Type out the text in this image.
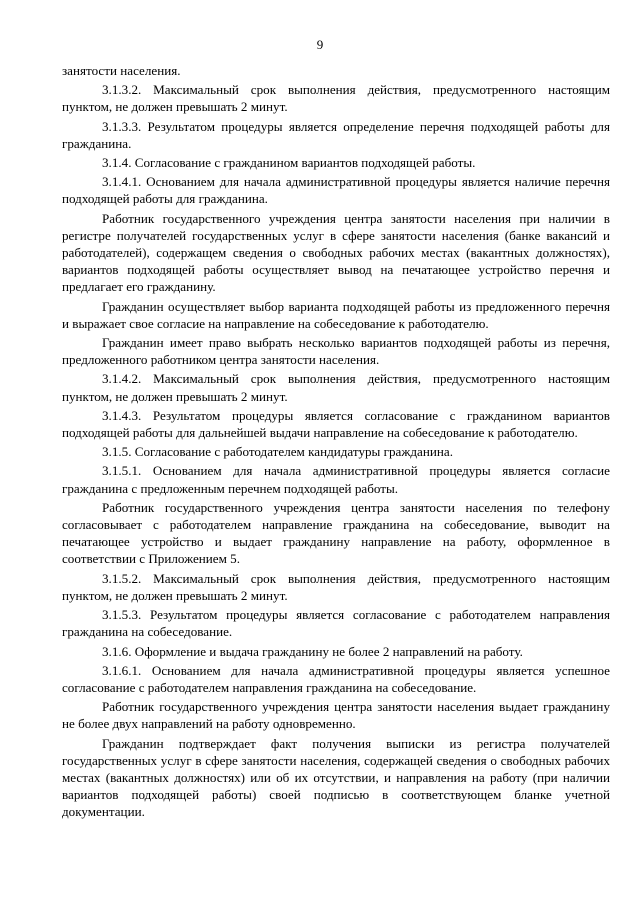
9

занятости населения.

3.1.3.2. Максимальный срок выполнения действия, предусмотренного настоящим пунктом, не должен превышать 2 минут.

3.1.3.3. Результатом процедуры является определение перечня подходящей работы для гражданина.

3.1.4. Согласование с гражданином вариантов подходящей работы.

3.1.4.1. Основанием для начала административной процедуры является наличие перечня подходящей работы для гражданина.

Работник государственного учреждения центра занятости населения при наличии в регистре получателей государственных услуг в сфере занятости населения (банке вакансий и работодателей), содержащем сведения о свободных рабочих местах (вакантных должностях), вариантов подходящей работы осуществляет вывод на печатающее устройство перечня и предлагает его гражданину.

Гражданин осуществляет выбор варианта подходящей работы из предложенного перечня и выражает свое согласие на направление на собеседование к работодателю.

Гражданин имеет право выбрать несколько вариантов подходящей работы из перечня, предложенного работником центра занятости населения.

3.1.4.2. Максимальный срок выполнения действия, предусмотренного настоящим пунктом, не должен превышать 2 минут.

3.1.4.3. Результатом процедуры является согласование с гражданином вариантов подходящей работы для дальнейшей выдачи направление на собеседование к работодателю.

3.1.5. Согласование с работодателем кандидатуры гражданина.

3.1.5.1. Основанием для начала административной процедуры является согласие гражданина с предложенным перечнем подходящей работы.

Работник государственного учреждения центра занятости населения по телефону согласовывает с работодателем направление гражданина на собеседование, выводит на печатающее устройство и выдает гражданину направление на работу, оформленное в соответствии с Приложением 5.

3.1.5.2. Максимальный срок выполнения действия, предусмотренного настоящим пунктом, не должен превышать 2 минут.

3.1.5.3. Результатом процедуры является согласование с работодателем направления гражданина на собеседование.

3.1.6. Оформление и выдача гражданину не более 2 направлений на работу.

3.1.6.1. Основанием для начала административной процедуры является успешное согласование с работодателем направления гражданина на собеседование.

Работник государственного учреждения центра занятости населения выдает гражданину не более двух направлений на работу одновременно.

Гражданин подтверждает факт получения выписки из регистра получателей государственных услуг в сфере занятости населения, содержащей сведения о свободных рабочих местах (вакантных должностях) или об их отсутствии, и направления на работу (при наличии вариантов подходящей работы) своей подписью в соответствующем бланке учетной документации.
